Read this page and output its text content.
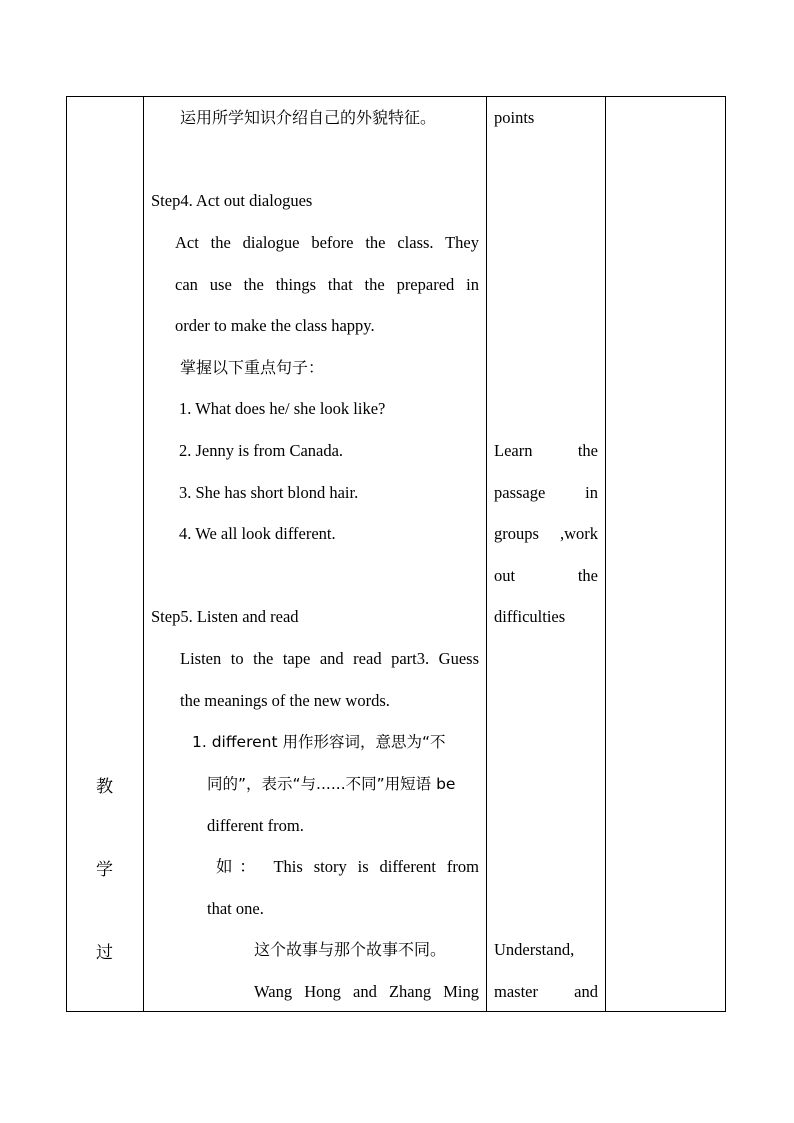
教
学
过
运用所学知识介绍自己的外貌特征。
Step4. Act out dialogues
Act the dialogue before the class. They
can use the things that the prepared in
order to make the class happy.
掌握以下重点句子：
1. What does he/ she look like?
2. Jenny is from Canada.
3. She has short blond hair.
4. We all look different.
Step5. Listen and read
Listen to the tape and read part3. Guess
the meanings of the new words.
1. different 用作形容词，意思为“不
同的”，表示“与......不同”用短语 be
different from.
如： This story is different from
that one.
这个故事与那个故事不同。
Wang Hong and Zhang Ming
points
Learn	the
passage in
groups ,work
out	the
difficulties
Understand,
master and
